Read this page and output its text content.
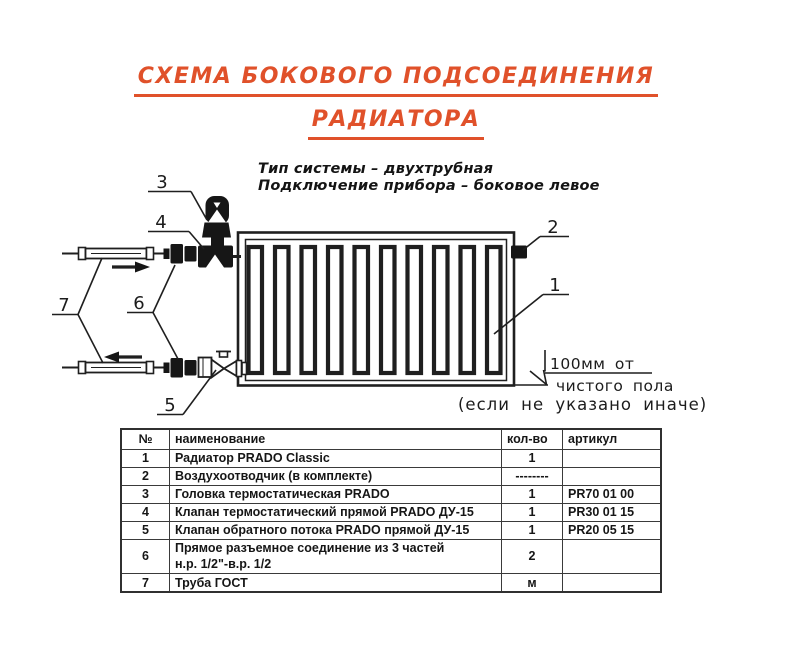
СХЕМА БОКОВОГО ПОДСОЕДИНЕНИЯ
РАДИАТОРА
Тип системы – двухтрубная
Подключение прибора – боковое левое
3
4
5
6
7
2
1
100мм от
чистого пола
(если не указано иначе)
№	наименование	кол-во	артикул
1	Радиатор PRADO Classic	1	
2	Воздухоотводчик (в комплекте)	--------	
3	Головка термостатическая PRADO	1	PR70 01 00
4	Клапан термостатический прямой PRADO ДУ-15	1	PR30 01 15
5	Клапан обратного потока PRADO прямой ДУ-15	1	PR20 05 15
6	Прямое разъемное соединение из 3 частей
н.р. 1/2"-в.р. 1/2	2	
7	Труба ГОСТ	м	
